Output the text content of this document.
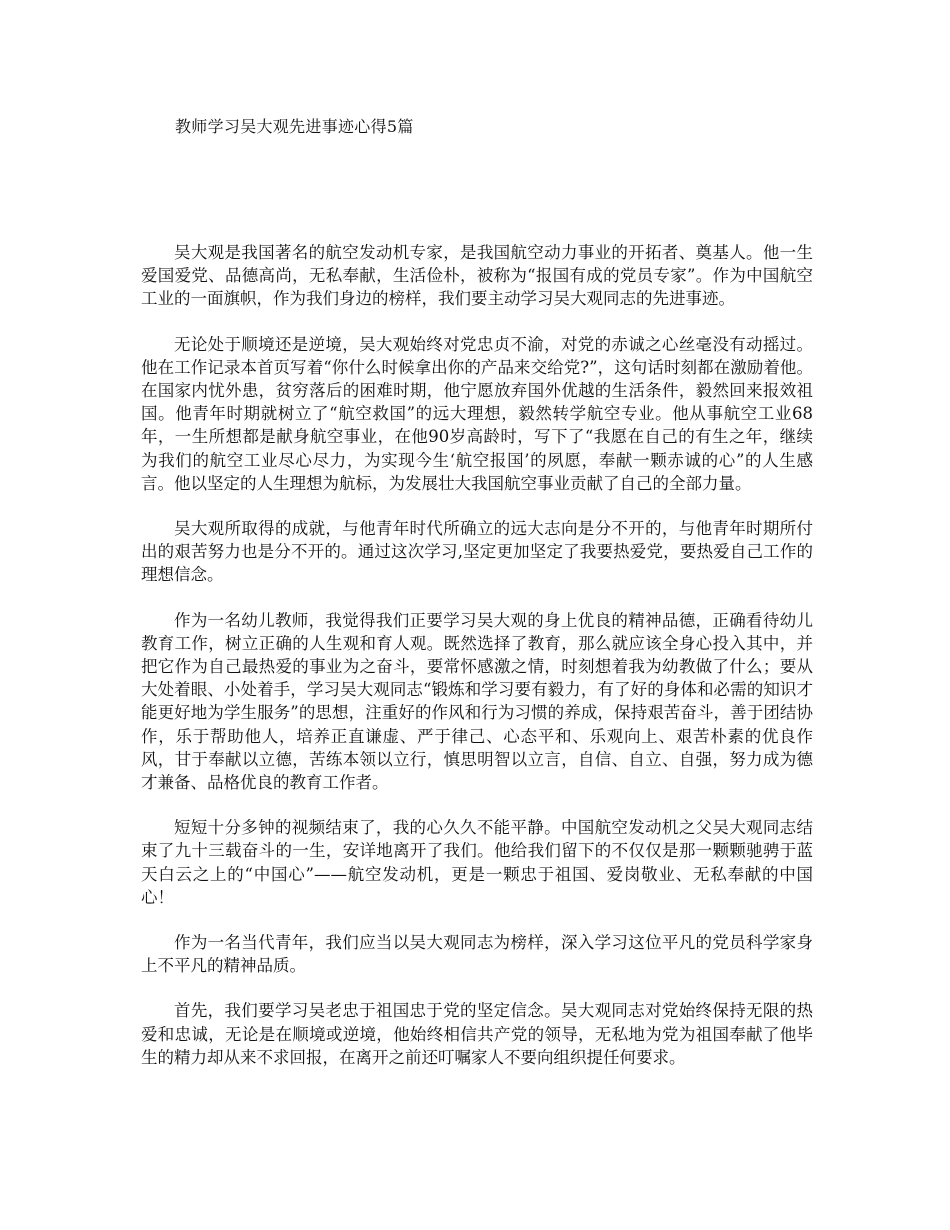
教师学习吴大观先进事迹心得5篇

吴大观是我国著名的航空发动机专家，是我国航空动力事业的开拓者、奠基人。他一生爱国爱党、品德高尚，无私奉献，生活俭朴，被称为“报国有成的党员专家”。作为中国航空工业的一面旗帜，作为我们身边的榜样，我们要主动学习吴大观同志的先进事迹。

无论处于顺境还是逆境，吴大观始终对党忠贞不渝，对党的赤诚之心丝毫没有动摇过。他在工作记录本首页写着“你什么时候拿出你的产品来交给党?”，这句话时刻都在激励着他。在国家内忧外患，贫穷落后的困难时期，他宁愿放弃国外优越的生活条件，毅然回来报效祖国。他青年时期就树立了“航空救国”的远大理想，毅然转学航空专业。他从事航空工业68年，一生所想都是献身航空事业，在他90岁高龄时，写下了“我愿在自己的有生之年，继续为我们的航空工业尽心尽力，为实现今生‘航空报国’的夙愿，奉献一颗赤诚的心”的人生感言。他以坚定的人生理想为航标，为发展壮大我国航空事业贡献了自己的全部力量。

吴大观所取得的成就，与他青年时代所确立的远大志向是分不开的，与他青年时期所付出的艰苦努力也是分不开的。通过这次学习,坚定更加坚定了我要热爱党，要热爱自己工作的理想信念。

作为一名幼儿教师，我觉得我们正要学习吴大观的身上优良的精神品德，正确看待幼儿教育工作，树立正确的人生观和育人观。既然选择了教育，那么就应该全身心投入其中，并把它作为自己最热爱的事业为之奋斗，要常怀感激之情，时刻想着我为幼教做了什么；要从大处着眼、小处着手，学习吴大观同志“锻炼和学习要有毅力，有了好的身体和必需的知识才能更好地为学生服务”的思想，注重好的作风和行为习惯的养成，保持艰苦奋斗，善于团结协作，乐于帮助他人，培养正直谦虚、严于律己、心态平和、乐观向上、艰苦朴素的优良作风，甘于奉献以立德，苦练本领以立行，慎思明智以立言，自信、自立、自强，努力成为德才兼备、品格优良的教育工作者。

短短十分多钟的视频结束了，我的心久久不能平静。中国航空发动机之父吴大观同志结束了九十三载奋斗的一生，安详地离开了我们。他给我们留下的不仅仅是那一颗颗驰骋于蓝天白云之上的“中国心”——航空发动机，更是一颗忠于祖国、爱岗敬业、无私奉献的中国心！

作为一名当代青年，我们应当以吴大观同志为榜样，深入学习这位平凡的党员科学家身上不平凡的精神品质。

首先，我们要学习吴老忠于祖国忠于党的坚定信念。吴大观同志对党始终保持无限的热爱和忠诚，无论是在顺境或逆境，他始终相信共产党的领导，无私地为党为祖国奉献了他毕生的精力却从来不求回报，在离开之前还叮嘱家人不要向组织提任何要求。
